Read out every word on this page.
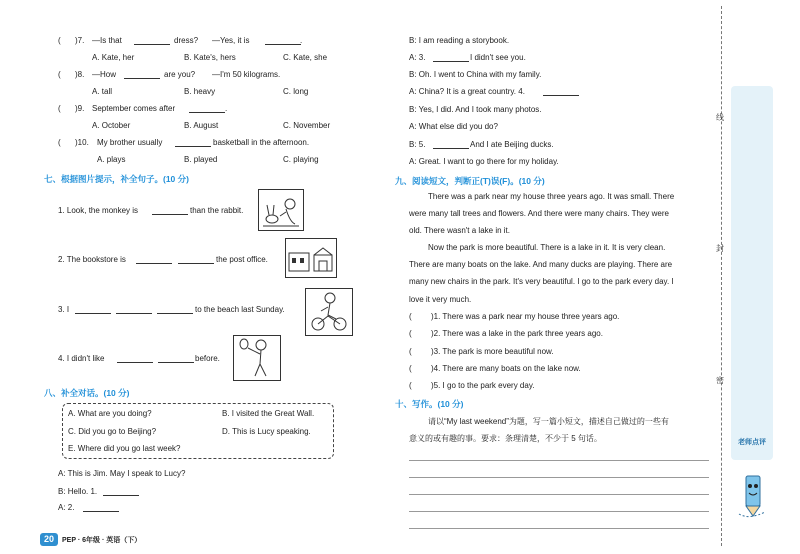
( )7. —Is that	dress? —Yes, it is	.
A. Kate, her	B. Kate's, hers	C. Kate, she
( )8. —How	are you? —I'm 50 kilograms.
A. tall	B. heavy	C. long
( )9. September comes after	.
A. October	B. August	C. November
( )10. My brother usually	basketball in the afternoon.
A. plays	B. played	C. playing
七、根据图片提示，补全句子。(10 分)
1. Look, the monkey is	than the rabbit.
2. The bookstore is	the post office.
3. I	to the beach last Sunday.
4. I didn't like	before.
八、补全对话。(10 分)
A. What are you doing?	B. I visited the Great Wall.
C. Did you go to Beijing?	D. This is Lucy speaking.
E. Where did you go last week?
A: This is Jim. May I speak to Lucy?
B: Hello. 1.
A: 2.
20	PEP · 6年级 · 英语（下）
B: I am reading a storybook.
A: 3.	I didn't see you.
B: Oh. I went to China with my family.
A: China? It is a great country. 4.
B: Yes, I did. And I took many photos.
A: What else did you do?
B: 5.	And I ate Beijing ducks.
A: Great. I want to go there for my holiday.
九、阅读短文，判断正(T)误(F)。(10 分)
There was a park near my house three years ago. It was small. There
were many tall trees and flowers. And there were many chairs. They were
old. There wasn't a lake in it.
Now the park is more beautiful. There is a lake in it. It is very clean.
There are many boats on the lake. And many ducks are playing. There are
many new chairs in the park. It's very beautiful. I go to the park every day. I
love it very much.
( )1. There was a park near my house three years ago.
( )2. There was a lake in the park three years ago.
( )3. The park is more beautiful now.
( )4. There are many boats on the lake now.
( )5. I go to the park every day.
十、写作。(10 分)
请以“My last weekend”为题，写一篇小短文，描述自己做过的一些有
意义的或有趣的事。要求：条理清楚，不少于 5 句话。
线
封
密
老师点评
